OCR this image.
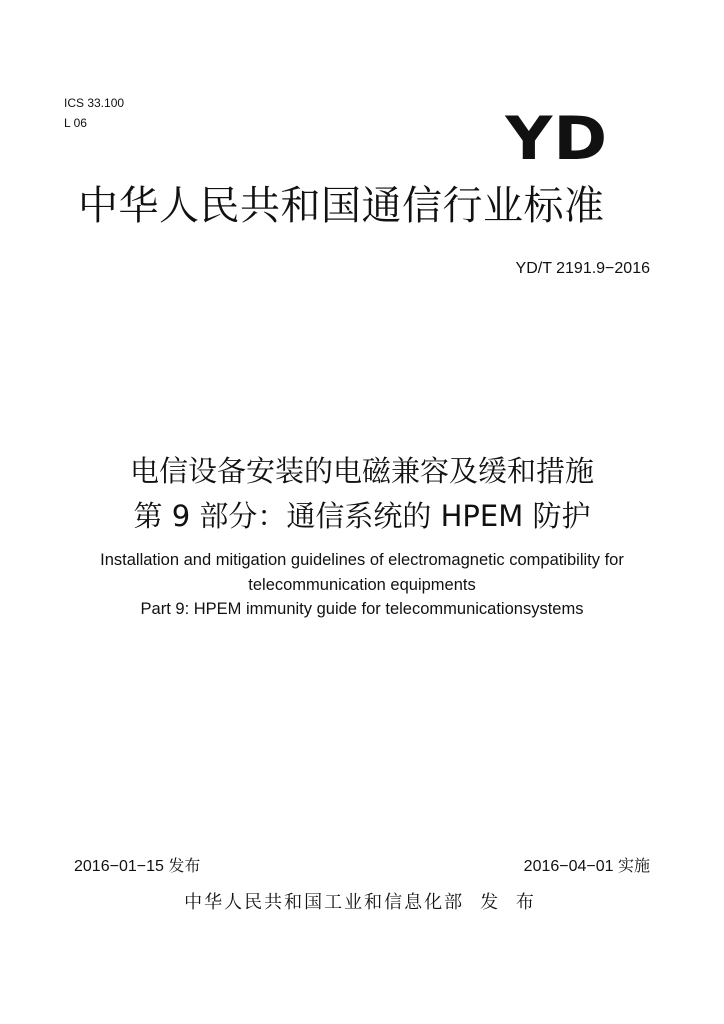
ICS 33.100
L 06	YD
中华人民共和国通信行业标准
YD/T 2191.9−2016
电信设备安装的电磁兼容及缓和措施
第 9 部分：通信系统的 HPEM 防护
Installation and mitigation guidelines of electromagnetic compatibility for
telecommunication equipments
Part 9: HPEM immunity guide for telecommunicationsystems
2016−01−15 发布	2016−04−01 实施
中华人民共和国工业和信息化部 发 布
